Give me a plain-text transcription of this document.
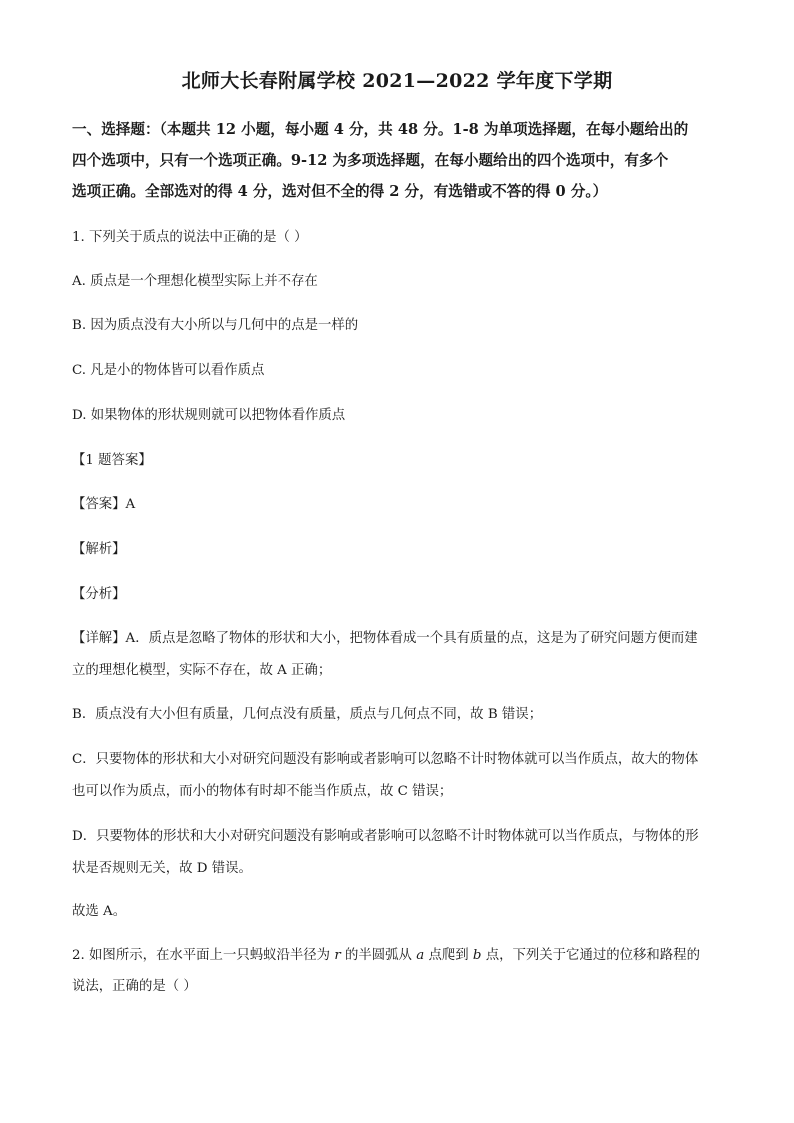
北师大长春附属学校 2021—2022 学年度下学期
一、选择题：（本题共 12 小题，每小题 4 分，共 48 分。1-8 为单项选择题，在每小题给出的
四个选项中，只有一个选项正确。9-12 为多项选择题，在每小题给出的四个选项中，有多个
选项正确。全部选对的得 4 分，选对但不全的得 2 分，有选错或不答的得 0 分。）
1. 下列关于质点的说法中正确的是（ ）
A. 质点是一个理想化模型实际上并不存在
B. 因为质点没有大小所以与几何中的点是一样的
C. 凡是小的物体皆可以看作质点
D. 如果物体的形状规则就可以把物体看作质点
【1 题答案】
【答案】A
【解析】
【分析】
【详解】A．质点是忽略了物体的形状和大小，把物体看成一个具有质量的点，这是为了研究问题方便而建
立的理想化模型，实际不存在，故 A 正确；
B．质点没有大小但有质量，几何点没有质量，质点与几何点不同，故 B 错误；
C．只要物体的形状和大小对研究问题没有影响或者影响可以忽略不计时物体就可以当作质点，故大的物体
也可以作为质点，而小的物体有时却不能当作质点，故 C 错误；
D．只要物体的形状和大小对研究问题没有影响或者影响可以忽略不计时物体就可以当作质点，与物体的形
状是否规则无关，故 D 错误。
故选 A。
2. 如图所示，在水平面上一只蚂蚁沿半径为 r 的半圆弧从 a 点爬到 b 点，下列关于它通过的位移和路程的
说法，正确的是（ ）
